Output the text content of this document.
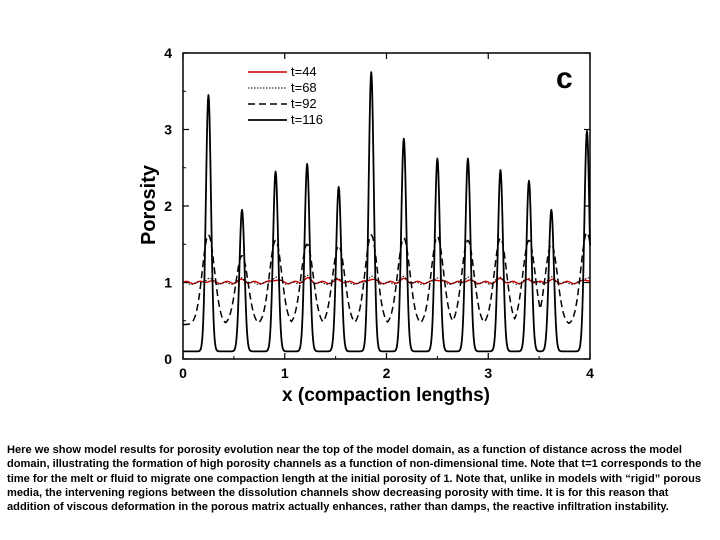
0	1	2	3	4
0
1
2
3
4
c
t=44
t=68
t=92
t=116
x (compaction lengths)
Porosity
Here we show model results for porosity evolution near the top of the model domain, as a function of distance across the model domain, illustrating the formation of high porosity channels as a function of non-dimensional time. Note that t=1 corresponds to the time for the melt or fluid to migrate one compaction length at the initial porosity of 1. Note that, unlike in models with “rigid” porous media, the intervening regions between the dissolution channels show decreasing porosity with time. It is for this reason that addition of viscous deformation in the porous matrix actually enhances, rather than damps, the reactive infiltration instability.
